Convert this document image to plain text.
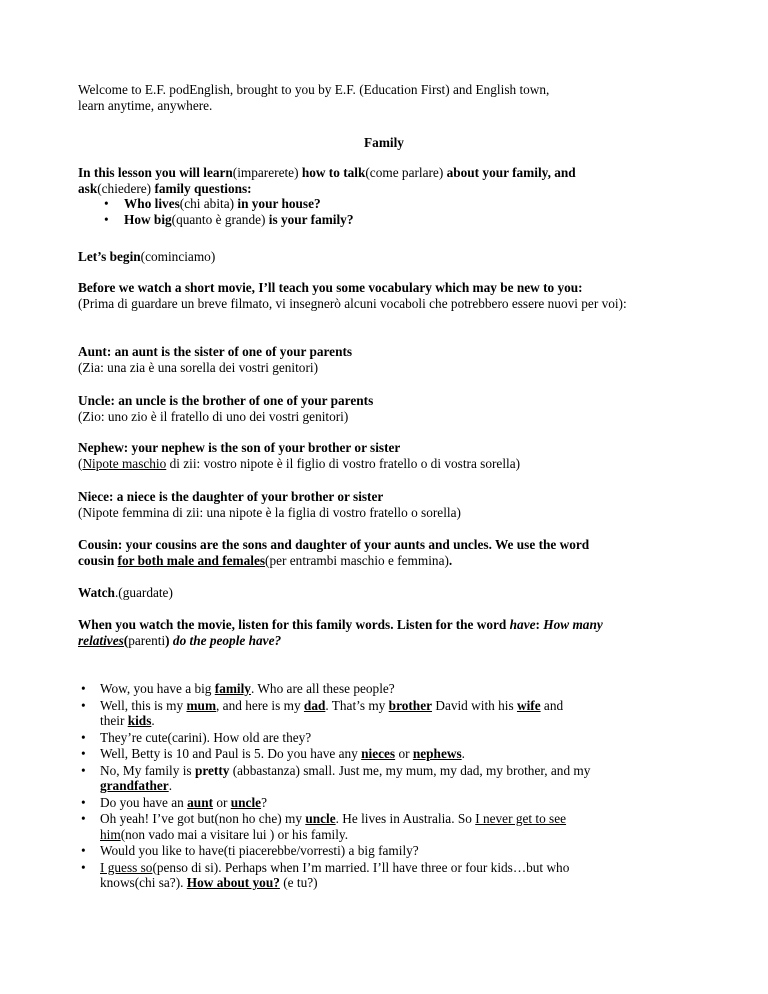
Welcome to E.F. podEnglish, brought to you by E.F. (Education First) and English town,
learn anytime, anywhere.

Family

In this lesson you will learn(imparerete) how to talk(come parlare) about your family, and
ask(chiedere) family questions:

• Who lives(chi abita) in your house?
• How big(quanto è grande) is your family?

Let’s begin(cominciamo)

Before we watch a short movie, I’ll teach you some vocabulary which may be new to you:
(Prima di guardare un breve filmato, vi insegnerò alcuni vocaboli che potrebbero essere nuovi per voi):

Aunt: an aunt is the sister of one of your parents
(Zia: una zia è una sorella dei vostri genitori)

Uncle: an uncle is the brother of one of your parents
(Zio: uno zio è il fratello di uno dei vostri genitori)

Nephew: your nephew is the son of your brother or sister
(Nipote maschio di zii: vostro nipote è il figlio di vostro fratello o di vostra sorella)

Niece: a niece is the daughter of your brother or sister
(Nipote femmina di zii: una nipote è la figlia di vostro fratello o sorella)

Cousin: your cousins are the sons and daughter of your aunts and uncles. We use the word
cousin for both male and females(per entrambi maschio e femmina).

Watch.(guardate)

When you watch the movie, listen for this family words. Listen for the word have: How many
relatives(parenti) do the people have?

• Wow, you have a big family. Who are all these people?
• Well, this is my mum, and here is my dad. That’s my brother David with his wife and
their kids.
• They’re cute(carini). How old are they?
• Well, Betty is 10 and Paul is 5. Do you have any nieces or nephews.
• No, My family is pretty (abbastanza) small. Just me, my mum, my dad, my brother, and my
grandfather.
• Do you have an aunt or uncle?
• Oh yeah! I’ve got but(non ho che) my uncle. He lives in Australia. So I never get to see
him(non vado mai a visitare lui ) or his family.
• Would you like to have(ti piacerebbe/vorresti) a big family?
• I guess so(penso di si). Perhaps when I’m married. I’ll have three or four kids…but who
knows(chi sa?). How about you? (e tu?)
